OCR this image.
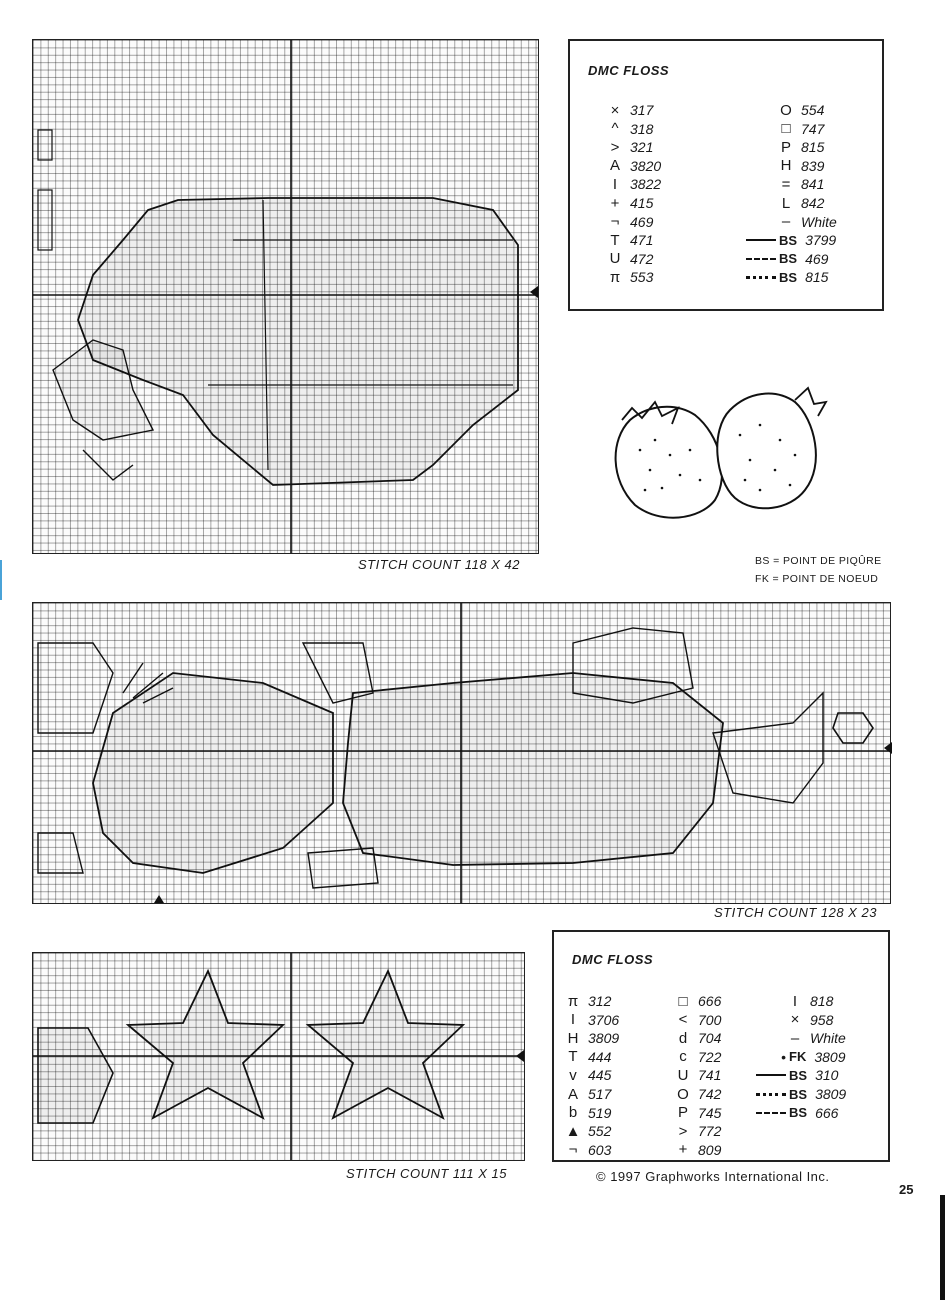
STITCH COUNT 118 X 42
DMC FLOSS
× 317
^ 318
> 321
A 3820
I 3822
+ 415
¬ 469
T 471
U 472
π 553
O 554
□ 747
P 815
H 839
= 841
L 842
– White
BS 3799
BS 469
BS 815
BS = POINT DE PIQÛRE
FK = POINT DE NOEUD
STITCH COUNT 128 X 23
STITCH COUNT 111 X 15
DMC FLOSS
π 312
I 3706
H 3809
T 444
v 445
A 517
b 519
▲ 552
¬ 603
□ 666
< 700
d 704
c 722
U 741
O 742
P 745
> 772
+ 809
I 818
× 958
– White
• FK 3809
BS 310
BS 3809
BS 666
© 1997 Graphworks International Inc.
25
